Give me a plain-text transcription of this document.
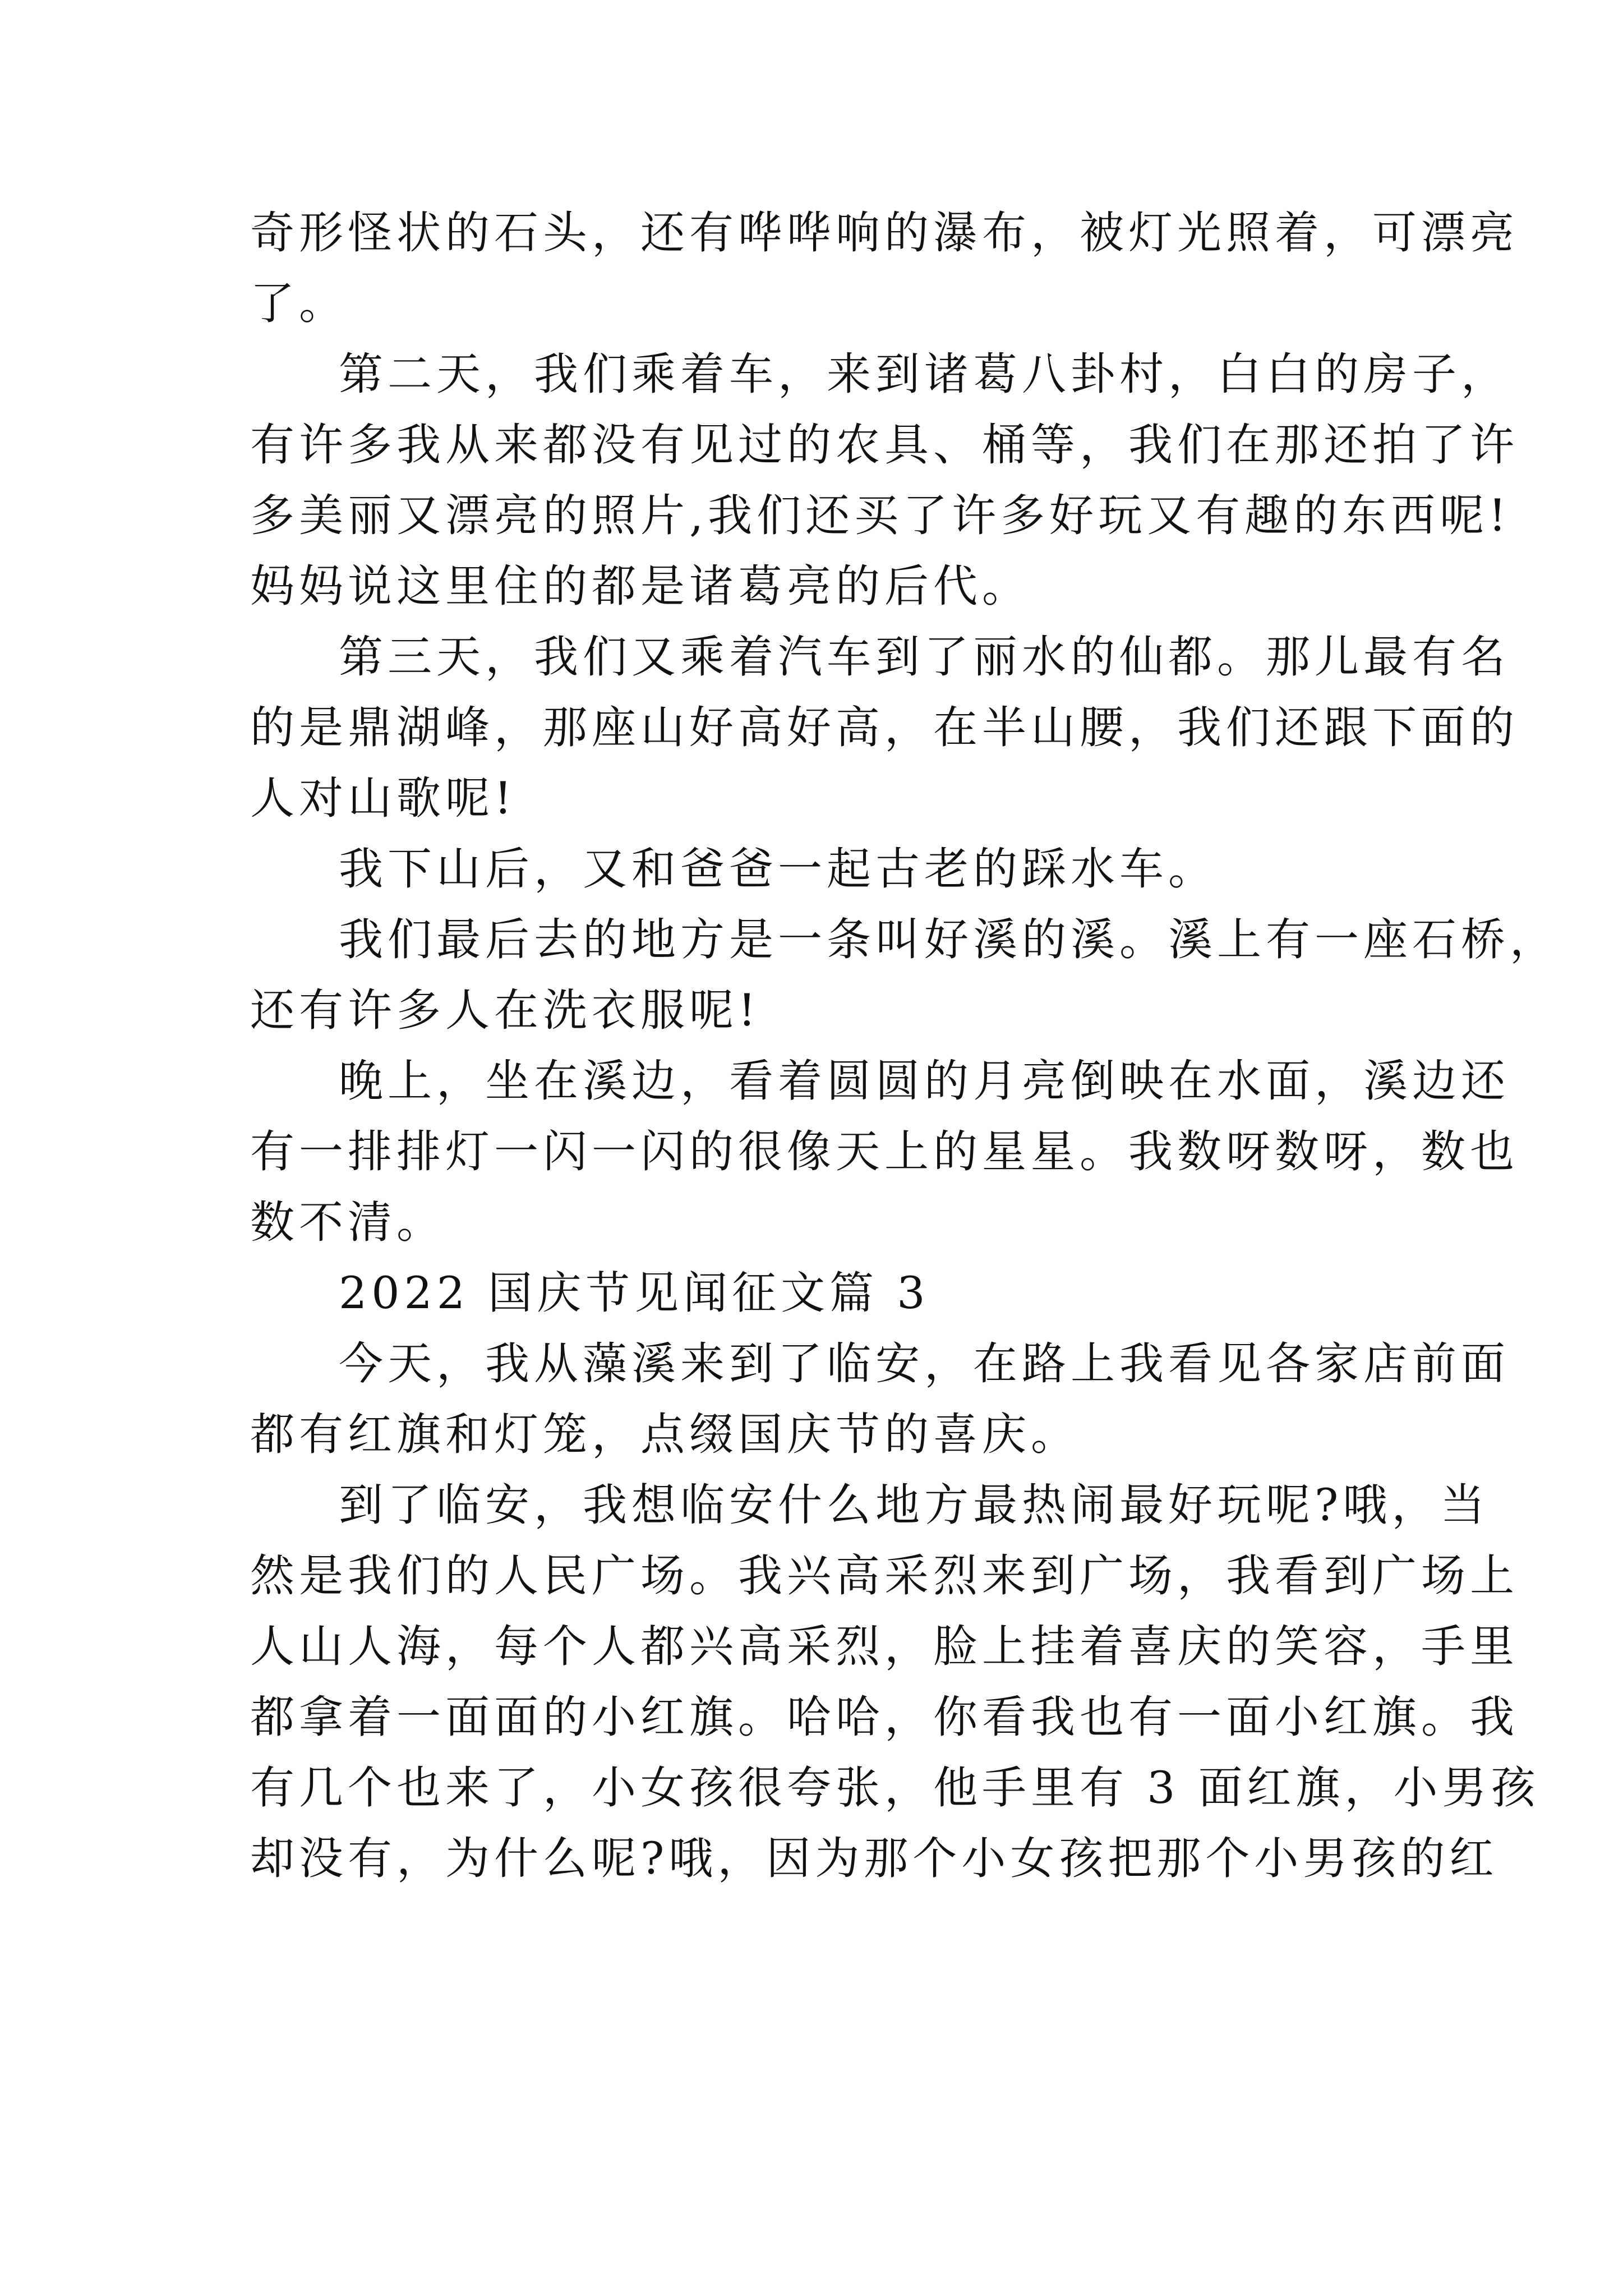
奇形怪状的石头，还有哗哗响的瀑布，被灯光照着，可漂亮
了。
第二天，我们乘着车，来到诸葛八卦村，白白的房子，
有许多我从来都没有见过的农具、桶等，我们在那还拍了许
多美丽又漂亮的照片,我们还买了许多好玩又有趣的东西呢!
妈妈说这里住的都是诸葛亮的后代。
第三天，我们又乘着汽车到了丽水的仙都。那儿最有名
的是鼎湖峰，那座山好高好高，在半山腰，我们还跟下面的
人对山歌呢!
我下山后，又和爸爸一起古老的踩水车。
我们最后去的地方是一条叫好溪的溪。溪上有一座石桥，
还有许多人在洗衣服呢!
晚上，坐在溪边，看着圆圆的月亮倒映在水面，溪边还
有一排排灯一闪一闪的很像天上的星星。我数呀数呀，数也
数不清。
2022 国庆节见闻征文篇 3
今天，我从藻溪来到了临安，在路上我看见各家店前面
都有红旗和灯笼，点缀国庆节的喜庆。
到了临安，我想临安什么地方最热闹最好玩呢?哦，当
然是我们的人民广场。我兴高采烈来到广场，我看到广场上
人山人海，每个人都兴高采烈，脸上挂着喜庆的笑容，手里
都拿着一面面的小红旗。哈哈，你看我也有一面小红旗。我
有几个也来了，小女孩很夸张，他手里有 3 面红旗，小男孩
却没有，为什么呢?哦，因为那个小女孩把那个小男孩的红
